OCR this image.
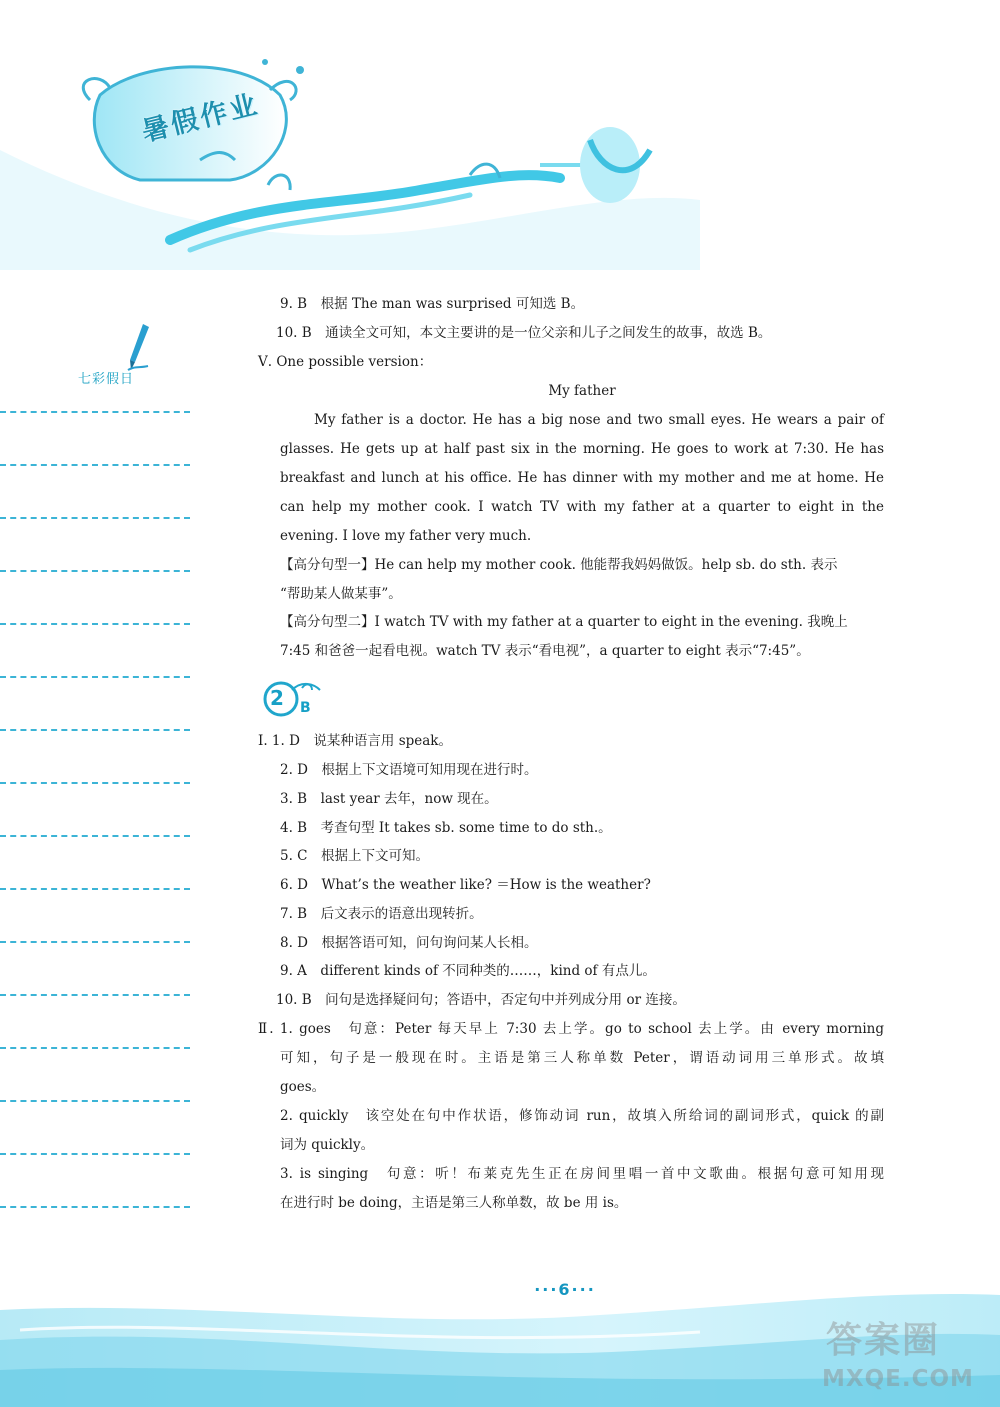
暑假作业
七彩假日
9. B　根据 The man was surprised 可知选 B。
10. B　通读全文可知，本文主要讲的是一位父亲和儿子之间发生的故事，故选 B。
Ⅴ. One possible version：
My father
My father is a doctor. He has a big nose and two small eyes. He wears a pair of
glasses. He gets up at half past six in the morning. He goes to work at 7:30. He has
breakfast and lunch at his office. He has dinner with my mother and me at home. He
can help my mother cook. I watch TV with my father at a quarter to eight in the
evening. I love my father very much.
【高分句型一】He can help my mother cook. 他能帮我妈妈做饭。help sb. do sth. 表示
“帮助某人做某事”。
【高分句型二】I watch TV with my father at a quarter to eight in the evening. 我晚上
7:45 和爸爸一起看电视。watch TV 表示“看电视”，a quarter to eight 表示“7:45”。
2 B
Ⅰ. 1. D　说某种语言用 speak。
2. D　根据上下文语境可知用现在进行时。
3. B　last year 去年，now 现在。
4. B　考查句型 It takes sb. some time to do sth.。
5. C　根据上下文可知。
6. D　What’s the weather like? ＝How is the weather?
7. B　后文表示的语意出现转折。
8. D　根据答语可知，问句询问某人长相。
9. A　different kinds of 不同种类的……，kind of 有点儿。
10. B　问句是选择疑问句；答语中，否定句中并列成分用 or 连接。
Ⅱ. 1. goes　句意：Peter 每天早上 7:30 去上学。go to school 去上学。由 every morning
可知，句子是一般现在时。主语是第三人称单数 Peter，谓语动词用三单形式。故填
goes。
2. quickly　该空处在句中作状语，修饰动词 run，故填入所给词的副词形式，quick 的副
词为 quickly。
3. is singing　句意：听！布莱克先生正在房间里唱一首中文歌曲。根据句意可知用现
在进行时 be doing，主语是第三人称单数，故 be 用 is。
···6···
答案圈
MXQE.COM
